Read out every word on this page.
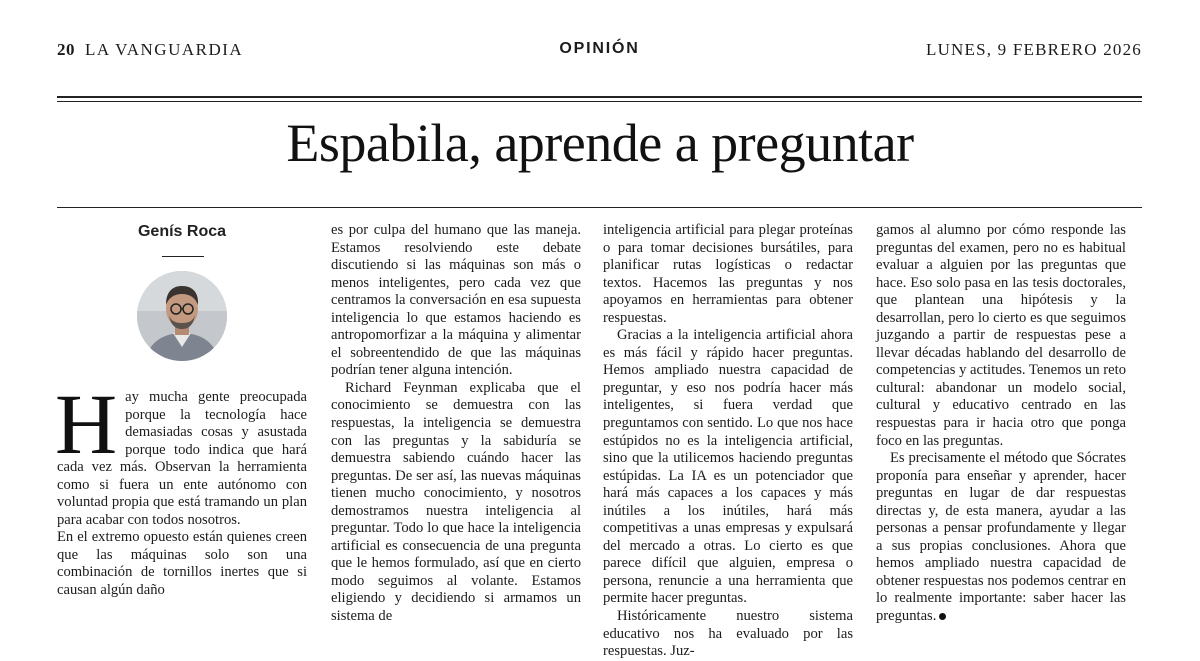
20 LA VANGUARDIA	OPINIÓN	LUNES, 9 FEBRERO 2026
Espabila, aprende a preguntar
Genís Roca

Hay mucha gente preocupada porque la tecnología hace demasiadas cosas y asustada porque todo indica que hará cada vez más. Observan la herramienta como si fuera un ente autónomo con voluntad propia que está tramando un plan para acabar con todos nosotros.

En el extremo opuesto están quienes creen que las máquinas solo son una combinación de tornillos inertes que si causan algún daño

es por culpa del humano que las maneja. Estamos resolviendo este debate discutiendo si las máquinas son más o menos inteligentes, pero cada vez que centramos la conversación en esa supuesta inteligencia lo que estamos haciendo es antropomorfizar a la máquina y alimentar el sobreentendido de que las máquinas podrían tener alguna intención.

Richard Feynman explicaba que el conocimiento se demuestra con las respuestas, la inteligencia se demuestra con las preguntas y la sabiduría se demuestra sabiendo cuándo hacer las preguntas. De ser así, las nuevas máquinas tienen mucho conocimiento, y nosotros demostramos nuestra inteligencia al preguntar. Todo lo que hace la inteligencia artificial es consecuencia de una pregunta que le hemos formulado, así que en cierto modo seguimos al volante. Estamos eligiendo y decidiendo si armamos un sistema de

inteligencia artificial para plegar proteínas o para tomar decisiones bursátiles, para planificar rutas logísticas o redactar textos. Hacemos las preguntas y nos apoyamos en herramientas para obtener respuestas.

Gracias a la inteligencia artificial ahora es más fácil y rápido hacer preguntas. Hemos ampliado nuestra capacidad de preguntar, y eso nos podría hacer más inteligentes, si fuera verdad que preguntamos con sentido. Lo que nos hace estúpidos no es la inteligencia artificial, sino que la utilicemos haciendo preguntas estúpidas. La IA es un potenciador que hará más capaces a los capaces y más inútiles a los inútiles, hará más competitivas a unas empresas y expulsará del mercado a otras. Lo cierto es que parece difícil que alguien, empresa o persona, renuncie a una herramienta que permite hacer preguntas.

Históricamente nuestro sistema educativo nos ha evaluado por las respuestas. Juz-

gamos al alumno por cómo responde las preguntas del examen, pero no es habitual evaluar a alguien por las preguntas que hace. Eso solo pasa en las tesis doctorales, que plantean una hipótesis y la desarrollan, pero lo cierto es que seguimos juzgando a partir de respuestas pese a llevar décadas hablando del desarrollo de competencias y actitudes. Tenemos un reto cultural: abandonar un modelo social, cultural y educativo centrado en las respuestas para ir hacia otro que ponga foco en las preguntas.

Es precisamente el método que Sócrates proponía para enseñar y aprender, hacer preguntas en lugar de dar respuestas directas y, de esta manera, ayudar a las personas a pensar profundamente y llegar a sus propias conclusiones. Ahora que hemos ampliado nuestra capacidad de obtener respuestas nos podemos centrar en lo realmente importante: saber hacer las preguntas.
